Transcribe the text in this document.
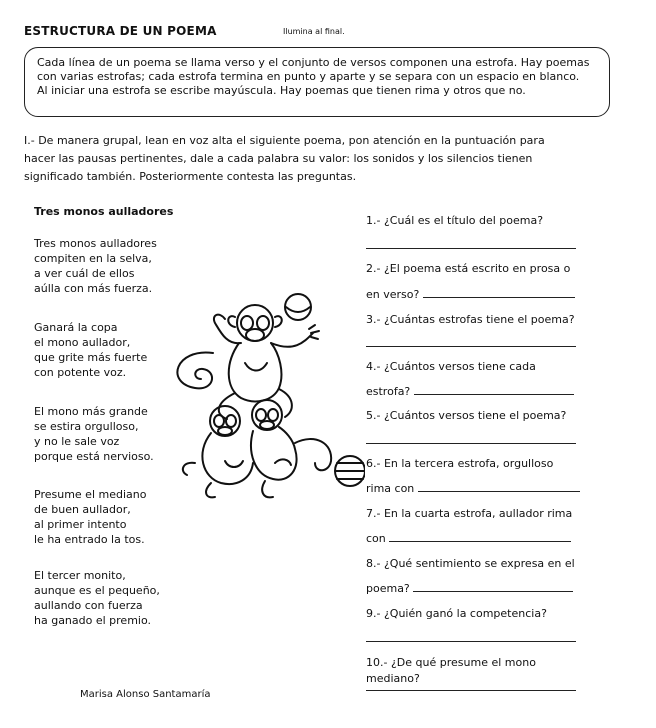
ESTRUCTURA DE UN POEMA	Ilumina al final.
Cada línea de un poema se llama verso y el conjunto de versos componen una estrofa. Hay poemas
con varias estrofas; cada estrofa termina en punto y aparte y se separa con un espacio en blanco.
Al iniciar una estrofa se escribe mayúscula. Hay poemas que tienen rima y otros que no.
I.- De manera grupal, lean en voz alta el siguiente poema, pon atención en la puntuación para
hacer las pausas pertinentes, dale a cada palabra su valor: los sonidos y los silencios tienen
significado también. Posteriormente contesta las preguntas.
Tres monos aulladores
Tres monos aulladores
compiten en la selva,
a ver cuál de ellos
aúlla con más fuerza.
Ganará la copa
el mono aullador,
que grite más fuerte
con potente voz.
El mono más grande
se estira orgulloso,
y no le sale voz
porque está nervioso.
Presume el mediano
de buen aullador,
al primer intento
le ha entrado la tos.
El tercer monito,
aunque es el pequeño,
aullando con fuerza
ha ganado el premio.
Marisa Alonso Santamaría
1.- ¿Cuál es el título del poema?
2.- ¿El poema está escrito en prosa o
en verso?
3.- ¿Cuántas estrofas tiene el poema?
4.- ¿Cuántos versos tiene cada
estrofa?
5.- ¿Cuántos versos tiene el poema?
6.- En la tercera estrofa, orgulloso
rima con
7.- En la cuarta estrofa, aullador rima
con
8.- ¿Qué sentimiento se expresa en el
poema?
9.- ¿Quién ganó la competencia?
10.- ¿De qué presume el mono mediano?
